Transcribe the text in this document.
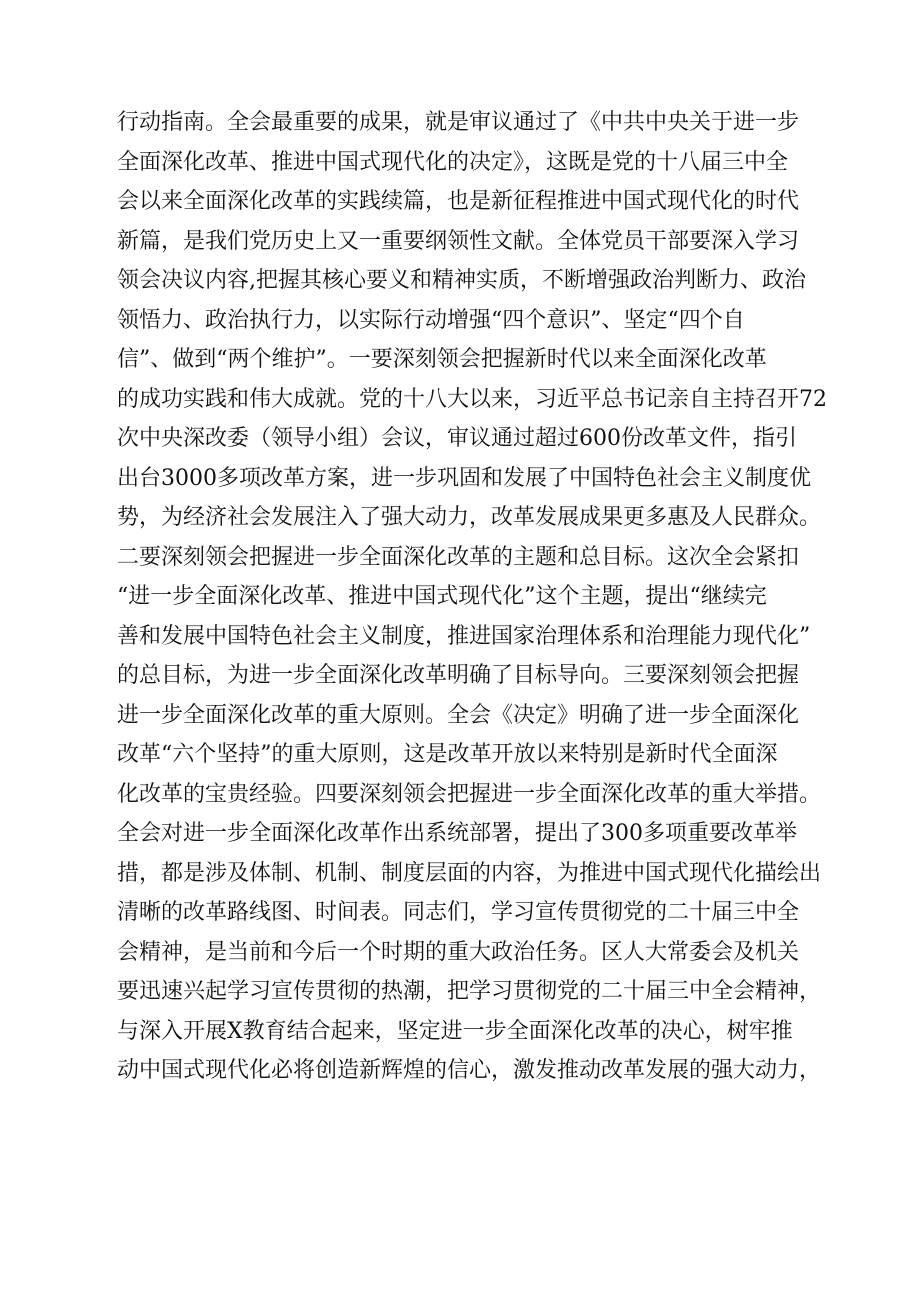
行动指南。全会最重要的成果，就是审议通过了《中共中央关于进一步
全面深化改革、推进中国式现代化的决定》，这既是党的十八届三中全
会以来全面深化改革的实践续篇，也是新征程推进中国式现代化的时代
新篇，是我们党历史上又一重要纲领性文献。全体党员干部要深入学习
领会决议内容,把握其核心要义和精神实质，不断增强政治判断力、政治
领悟力、政治执行力，以实际行动增强“四个意识”、坚定“四个自
信”、做到“两个维护”。一要深刻领会把握新时代以来全面深化改革
的成功实践和伟大成就。党的十八大以来，习近平总书记亲自主持召开72
次中央深改委（领导小组）会议，审议通过超过600份改革文件，指引
出台3000多项改革方案，进一步巩固和发展了中国特色社会主义制度优
势，为经济社会发展注入了强大动力，改革发展成果更多惠及人民群众。
二要深刻领会把握进一步全面深化改革的主题和总目标。这次全会紧扣
“进一步全面深化改革、推进中国式现代化”这个主题，提出“继续完
善和发展中国特色社会主义制度，推进国家治理体系和治理能力现代化”
的总目标，为进一步全面深化改革明确了目标导向。三要深刻领会把握
进一步全面深化改革的重大原则。全会《决定》明确了进一步全面深化
改革“六个坚持”的重大原则，这是改革开放以来特别是新时代全面深
化改革的宝贵经验。四要深刻领会把握进一步全面深化改革的重大举措。
全会对进一步全面深化改革作出系统部署，提出了300多项重要改革举
措，都是涉及体制、机制、制度层面的内容，为推进中国式现代化描绘出
清晰的改革路线图、时间表。同志们，学习宣传贯彻党的二十届三中全
会精神，是当前和今后一个时期的重大政治任务。区人大常委会及机关
要迅速兴起学习宣传贯彻的热潮，把学习贯彻党的二十届三中全会精神，
与深入开展X教育结合起来，坚定进一步全面深化改革的决心，树牢推
动中国式现代化必将创造新辉煌的信心，激发推动改革发展的强大动力，
